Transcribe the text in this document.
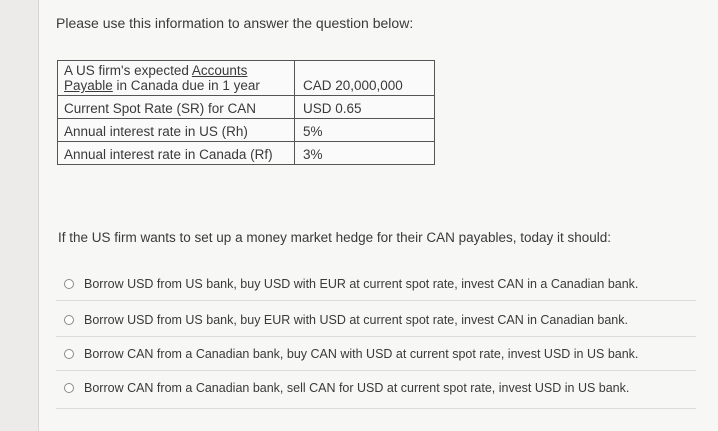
Please use this information to answer the question below:
A US firm's expected Accounts
Payable in Canada due in 1 year	CAD 20,000,000
Current Spot Rate (SR) for CAN	USD 0.65
Annual interest rate in US (Rh)	5%
Annual interest rate in Canada (Rf)	3%
If the US firm wants to set up a money market hedge for their CAN payables, today it should:
Borrow USD from US bank, buy USD with EUR at current spot rate, invest CAN in a Canadian bank.
Borrow USD from US bank, buy EUR with USD at current spot rate, invest CAN in Canadian bank.
Borrow CAN from a Canadian bank, buy CAN with USD at current spot rate, invest USD in US bank.
Borrow CAN from a Canadian bank, sell CAN for USD at current spot rate, invest USD in US bank.
